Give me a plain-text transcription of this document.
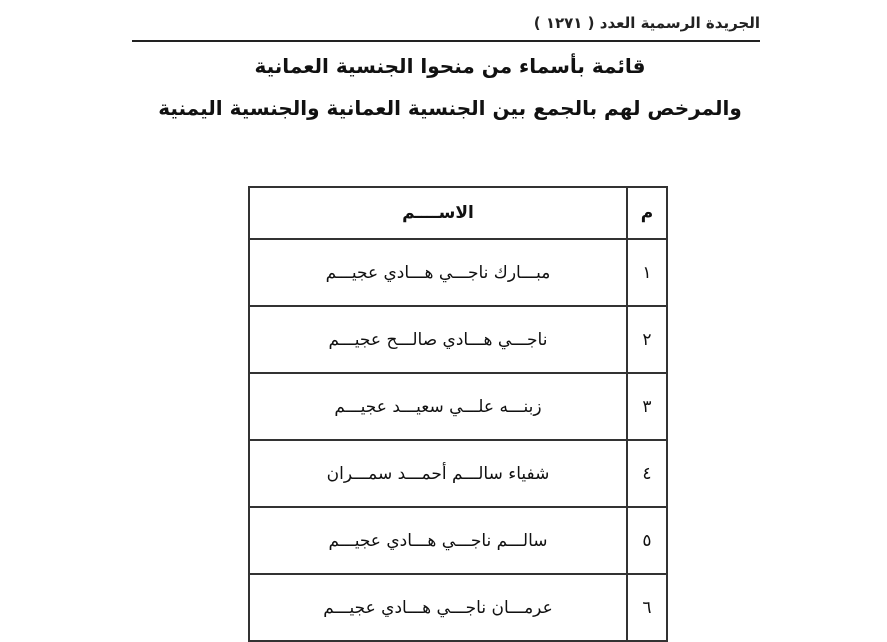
الجريدة الرسمية العدد ( ١٢٧١ )
قائمة بأسماء من منحوا الجنسية العمانية
والمرخص لهم بالجمع بين الجنسية العمانية والجنسية اليمنية
م	الاســــم
١	مبـــارك ناجـــي هـــادي عجيـــم
٢	ناجـــي هـــادي صالـــح عجيـــم
٣	زبنـــه علـــي سعيـــد عجيـــم
٤	شفياء سالـــم أحمـــد سمـــران
٥	سالـــم ناجـــي هـــادي عجيـــم
٦	عرمـــان ناجـــي هـــادي عجيـــم
